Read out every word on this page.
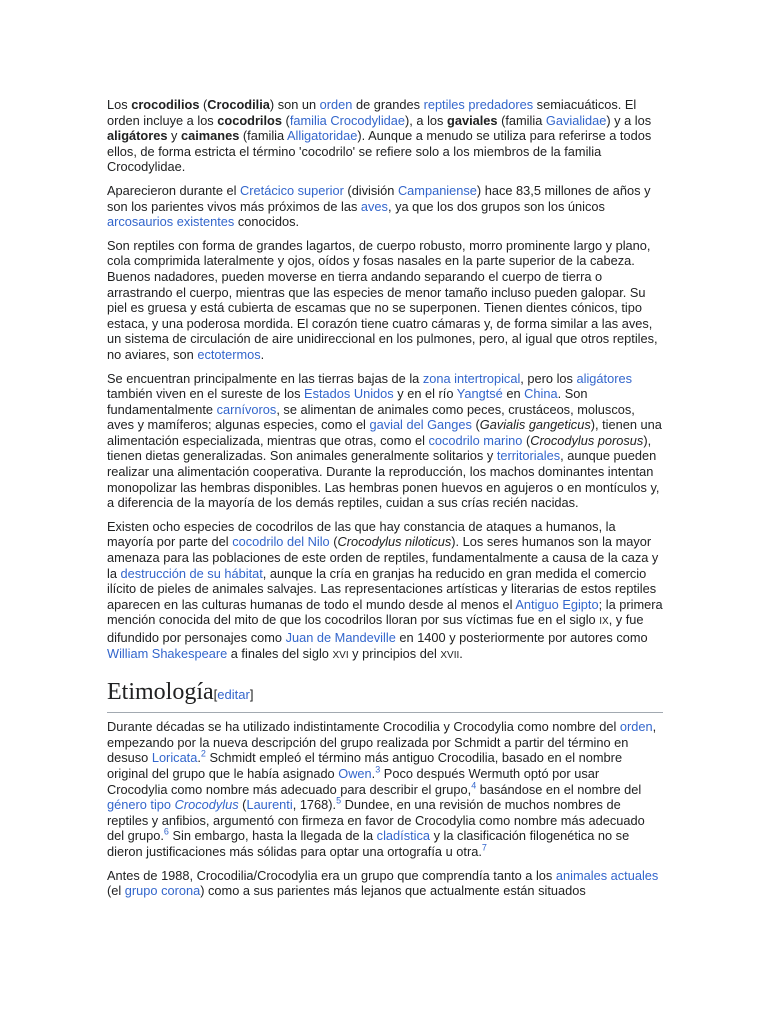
Los crocodilios (Crocodilia) son un orden de grandes reptiles predadores semiacuáticos. El orden incluye a los cocodrilos (familia Crocodylidae), a los gaviales (familia Gavialidae) y a los aligátores y caimanes (familia Alligatoridae). Aunque a menudo se utiliza para referirse a todos ellos, de forma estricta el término 'cocodrilo' se refiere solo a los miembros de la familia Crocodylidae.

Aparecieron durante el Cretácico superior (división Campaniense) hace 83,5 millones de años y son los parientes vivos más próximos de las aves, ya que los dos grupos son los únicos arcosaurios existentes conocidos.

Son reptiles con forma de grandes lagartos, de cuerpo robusto, morro prominente largo y plano, cola comprimida lateralmente y ojos, oídos y fosas nasales en la parte superior de la cabeza. Buenos nadadores, pueden moverse en tierra andando separando el cuerpo de tierra o arrastrando el cuerpo, mientras que las especies de menor tamaño incluso pueden galopar. Su piel es gruesa y está cubierta de escamas que no se superponen. Tienen dientes cónicos, tipo estaca, y una poderosa mordida. El corazón tiene cuatro cámaras y, de forma similar a las aves, un sistema de circulación de aire unidireccional en los pulmones, pero, al igual que otros reptiles, no aviares, son ectotermos.

Se encuentran principalmente en las tierras bajas de la zona intertropical, pero los aligátores también viven en el sureste de los Estados Unidos y en el río Yangtsé en China. Son fundamentalmente carnívoros, se alimentan de animales como peces, crustáceos, moluscos, aves y mamíferos; algunas especies, como el gavial del Ganges (Gavialis gangeticus), tienen una alimentación especializada, mientras que otras, como el cocodrilo marino (Crocodylus porosus), tienen dietas generalizadas. Son animales generalmente solitarios y territoriales, aunque pueden realizar una alimentación cooperativa. Durante la reproducción, los machos dominantes intentan monopolizar las hembras disponibles. Las hembras ponen huevos en agujeros o en montículos y, a diferencia de la mayoría de los demás reptiles, cuidan a sus crías recién nacidas.

Existen ocho especies de cocodrilos de las que hay constancia de ataques a humanos, la mayoría por parte del cocodrilo del Nilo (Crocodylus niloticus). Los seres humanos son la mayor amenaza para las poblaciones de este orden de reptiles, fundamentalmente a causa de la caza y la destrucción de su hábitat, aunque la cría en granjas ha reducido en gran medida el comercio ilícito de pieles de animales salvajes. Las representaciones artísticas y literarias de estos reptiles aparecen en las culturas humanas de todo el mundo desde al menos el Antiguo Egipto; la primera mención conocida del mito de que los cocodrilos lloran por sus víctimas fue en el siglo IX, y fue difundido por personajes como Juan de Mandeville en 1400 y posteriormente por autores como William Shakespeare a finales del siglo XVI y principios del XVII.

Etimología[editar]

Durante décadas se ha utilizado indistintamente Crocodilia y Crocodylia como nombre del orden, empezando por la nueva descripción del grupo realizada por Schmidt a partir del término en desuso Loricata.$^2$ Schmidt empleó el término más antiguo Crocodilia, basado en el nombre original del grupo que le había asignado Owen.$^3$ Poco después Wermuth optó por usar Crocodylia como nombre más adecuado para describir el grupo,$^4$ basándose en el nombre del género tipo Crocodylus (Laurenti, 1768).$^5$ Dundee, en una revisión de muchos nombres de reptiles y anfibios, argumentó con firmeza en favor de Crocodylia como nombre más adecuado del grupo.$^6$ Sin embargo, hasta la llegada de la cladística y la clasificación filogenética no se dieron justificaciones más sólidas para optar una ortografía u otra.$^7$

Antes de 1988, Crocodilia/Crocodylia era un grupo que comprendía tanto a los animales actuales (el grupo corona) como a sus parientes más lejanos que actualmente están situados
